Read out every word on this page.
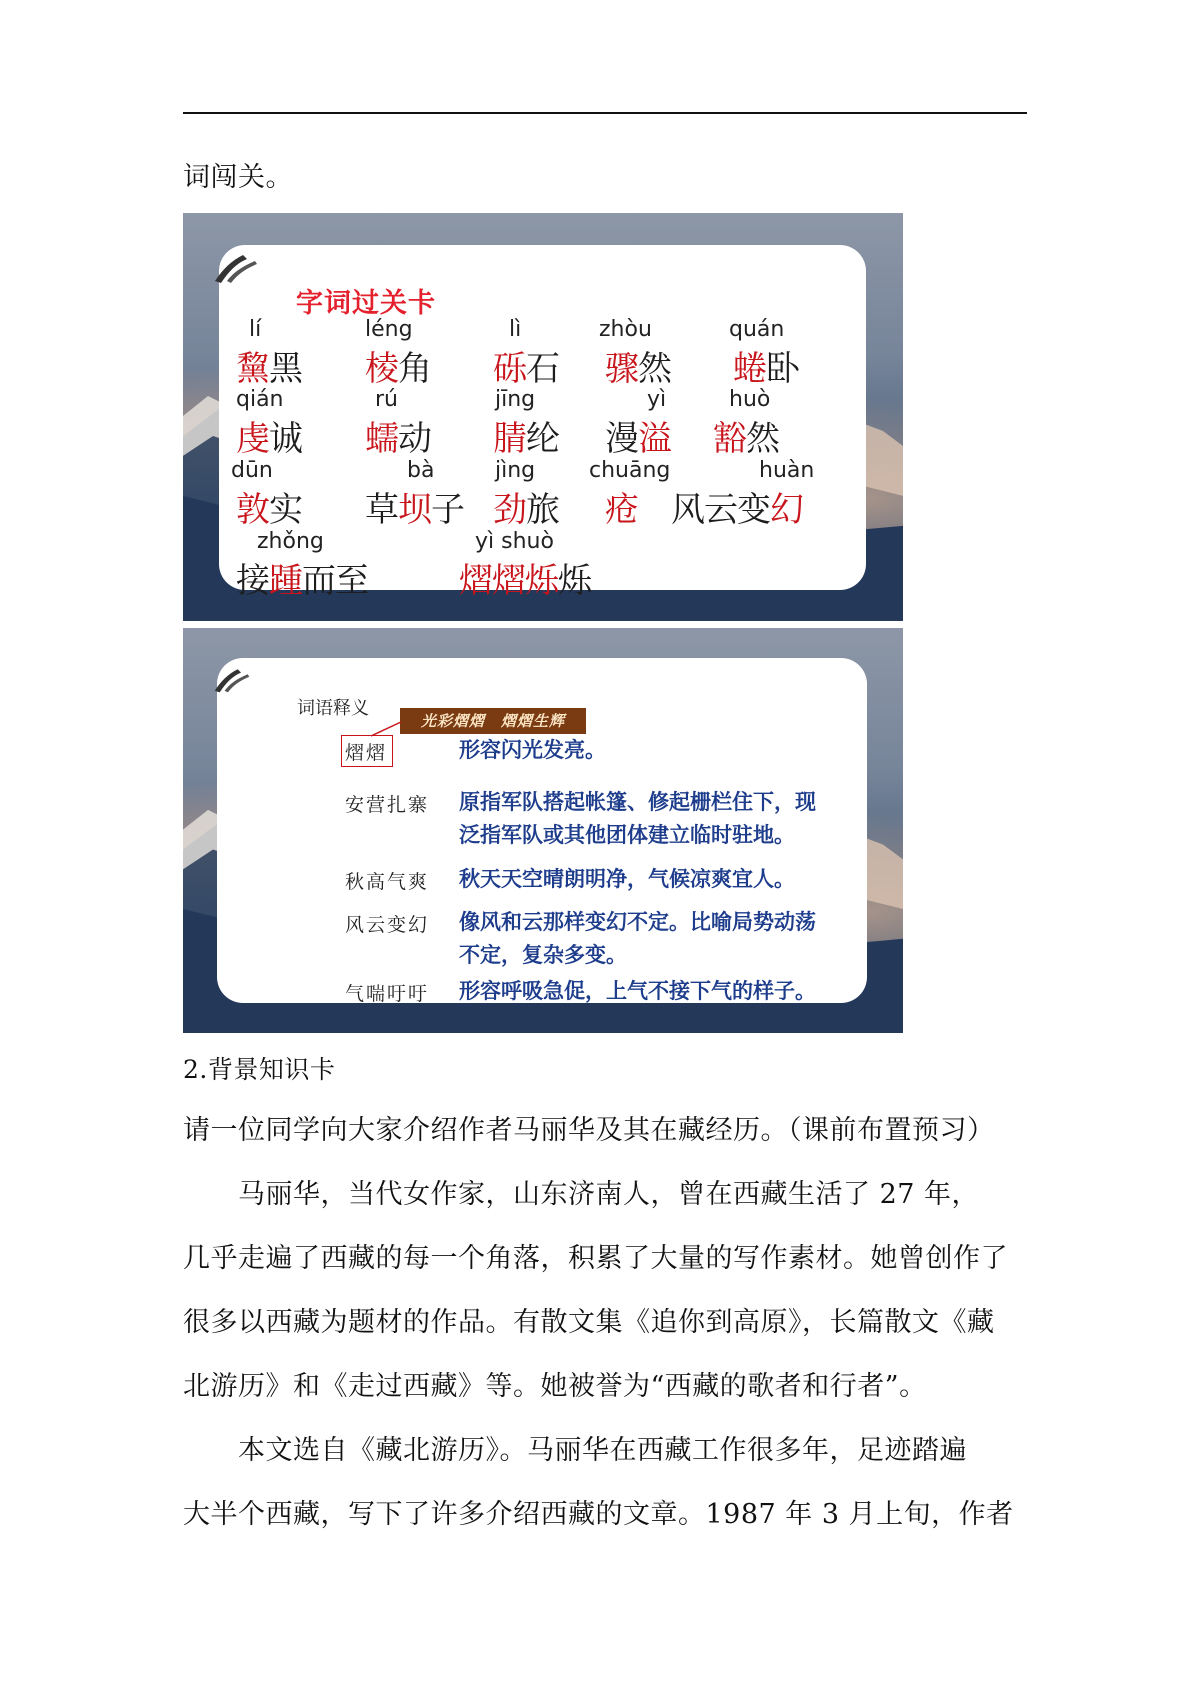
词闯关。
字词过关卡
lí
黧黑
léng
棱角
lì
砾石
zhòu
骤然
quán
蜷卧
qián
虔诚
rú
蠕动
jīng
腈纶
yì
漫溢
huò
豁然
dūn
敦实
bà
草坝子
jìng
劲旅
chuāng
疮
huàn
风云变幻
zhǒng
接踵而至
yì shuò
熠熠烁烁
词语释义
光彩熠熠　熠熠生辉
熠熠	形容闪光发亮。
安营扎寨 原指军队搭起帐篷、修起栅栏住下，现
泛指军队或其他团体建立临时驻地。
秋高气爽 秋天天空晴朗明净，气候凉爽宜人。
风云变幻 像风和云那样变幻不定。比喻局势动荡
不定，复杂多变。
气喘吁吁 形容呼吸急促，上气不接下气的样子。
2.背景知识卡
请一位同学向大家介绍作者马丽华及其在藏经历。（课前布置预习）
　　马丽华，当代女作家，山东济南人，曾在西藏生活了 27 年，
几乎走遍了西藏的每一个角落，积累了大量的写作素材。她曾创作了
很多以西藏为题材的作品。有散文集《追你到高原》，长篇散文《藏
北游历》和《走过西藏》等。她被誉为“西藏的歌者和行者”。
　　本文选自《藏北游历》。马丽华在西藏工作很多年，足迹踏遍
大半个西藏，写下了许多介绍西藏的文章。1987 年 3 月上旬，作者
